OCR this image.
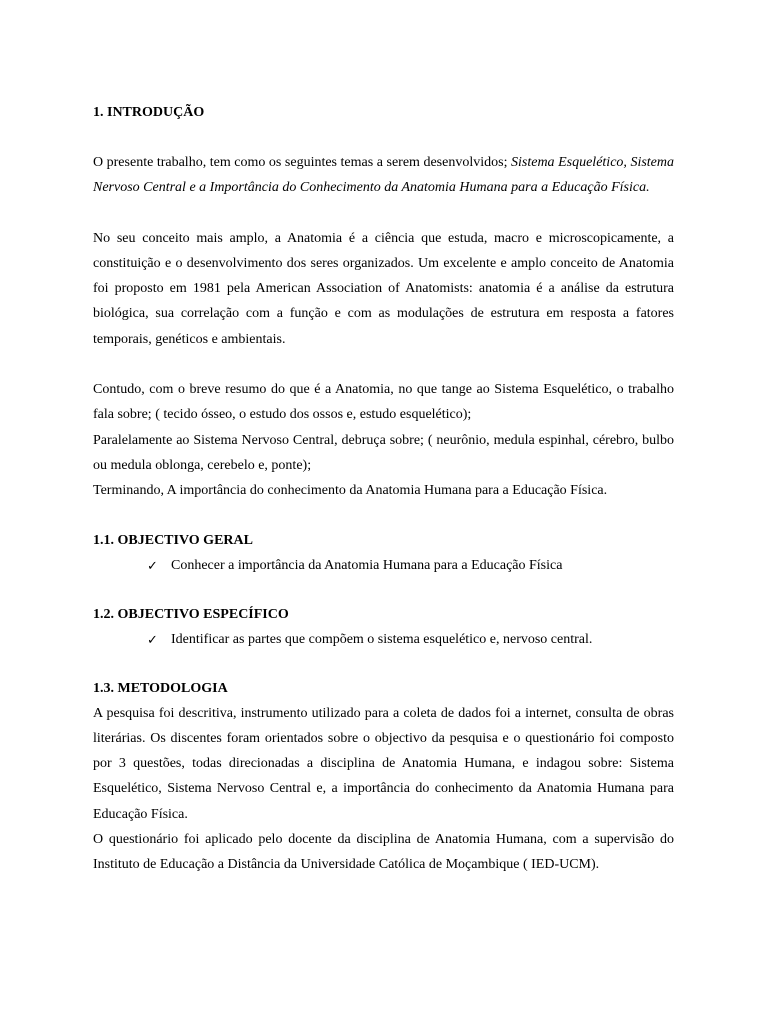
1. INTRODUÇÃO

O presente trabalho, tem como os seguintes temas a serem desenvolvidos; Sistema Esquelético, Sistema Nervoso Central e a Importância do Conhecimento da Anatomia Humana para a Educação Física.

No seu conceito mais amplo, a Anatomia é a ciência que estuda, macro e microscopicamente, a constituição e o desenvolvimento dos seres organizados. Um excelente e amplo conceito de Anatomia foi proposto em 1981 pela American Association of Anatomists: anatomia é a análise da estrutura biológica, sua correlação com a função e com as modulações de estrutura em resposta a fatores temporais, genéticos e ambientais.

Contudo, com o breve resumo do que é a Anatomia, no que tange ao Sistema Esquelético, o trabalho fala sobre; ( tecido ósseo, o estudo dos ossos e, estudo esquelético);

Paralelamente ao Sistema Nervoso Central, debruça sobre; ( neurônio, medula espinhal, cérebro, bulbo ou medula oblonga, cerebelo e, ponte);

Terminando, A importância do conhecimento da Anatomia Humana para a Educação Física.

1.1. OBJECTIVO GERAL
✓ Conhecer a importância da Anatomia Humana para a Educação Física
1.2. OBJECTIVO ESPECÍFICO
✓ Identificar as partes que compõem o sistema esquelético e, nervoso central.
1.3. METODOLOGIA

A pesquisa foi descritiva, instrumento utilizado para a coleta de dados foi a internet, consulta de obras literárias. Os discentes foram orientados sobre o objectivo da pesquisa e o questionário foi composto por 3 questões, todas direcionadas a disciplina de Anatomia Humana, e indagou sobre: Sistema Esquelético, Sistema Nervoso Central e, a importância do conhecimento da Anatomia Humana para Educação Física.

O questionário foi aplicado pelo docente da disciplina de Anatomia Humana, com a supervisão do Instituto de Educação a Distância da Universidade Católica de Moçambique ( IED-UCM).
